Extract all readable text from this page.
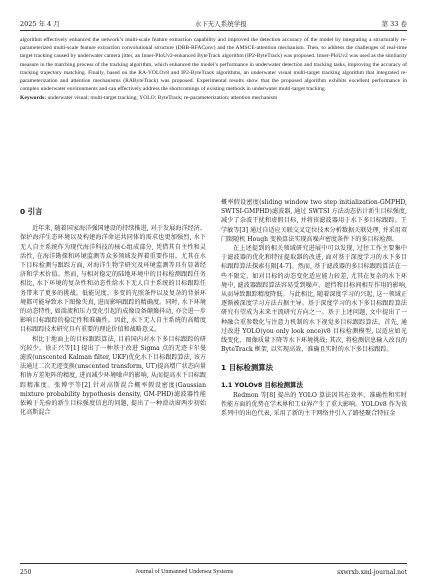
2025 年 4 月	水下无人系统学报	第 33 卷

algorithm effectively enhanced the network’s multi-scale feature extraction capability and improved the detection accuracy of the model by integrating a structurally re-parameterized multi-scale feature extraction convolutional structure (DBB-RFAConv) and the AMSCE-attention mechanism. Then, to address the challenges of real-time target tracking caused by underwater camera jitter, an Inner-PIoUv2-enhanced ByteTrack algorithm (IP2-ByteTrack) was proposed. Inner-PIoUv2 was used as the similarity measure in the matching process of the tracking algorithm, which enhanced the model’s performance in underwater detection and tracking tasks, improving the accuracy of tracking trajectory matching. Finally, based on the RA-YOLOv8 and IP2-ByteTrack algorithms, an underwater visual multi-target tracking algorithm that integrated re-parameterization and attention mechanisms (RAByteTrack) was proposed. Experimental results show that the proposed algorithm exhibits excellent performance in complex underwater environments and can effectively address the shortcomings of existing methods in underwater multi-target tracking.

Keywords: underwater visual; multi-target tracking; YOLO; ByteTrack; re-parameterization; attention mechanism

0 引言

近年来, 随着国家海洋强国建设的持续推进, 对于发展海洋经济、保护海洋生态环境以及构建海洋命运共同体的需求也更加强烈, 水下无人自主系统作为现代海洋科技的核心组成部分, 凭借其自主性和灵活性, 在海洋勘探和环境监测等众多领域发挥着重要作用。尤其在水下目标检测与跟踪方面, 对海洋生物学研究及环境监测等具有显著经济和学术价值。然而, 与相对稳定的陆地环境中的目标检测跟踪任务相比, 水下环境的复杂性和动态性给水下无人自主系统的目标跟踪任务带来了更多的挑战。低能见度、多变的光照条件以及复杂的背景环境都可能导致水下图像失真, 进而影响跟踪的精确度。同时, 水下环境的动态特性, 如湍流和压力变化引起的成像设备颠簸抖动, 亦会进一步影响目标跟踪的稳定性和准确性。因此, 水下无人自主系统的高精度目标跟踪技术研究具有重要的理论价值和战略意义。

相比于地面上的目标跟踪算法, 目前国内对水下多目标跟踪的研究较少。徐正兴等[1] 提出了一种基于改进 Sigma 点的无迹卡尔曼滤波(unscented Kalman filter, UKF)优化水下目标跟踪算法, 该方法通过二次无迹变换(unscented transform, UT)提高增广状态向量和协方差矩阵的精度, 进而减少环境噪声的影响, 从而提高水下目标跟踪精准度。张博宇等[2] 针对高斯混合概率假设密度(Gaussian mixture probability hypothesis density, GM-PHD)滤波器性能依赖于先验的新生目标强度信息的问题, 提出了一种滑动窗两步初始化高斯混合

概率假设密度(sliding window two step initialization-GMPHD, SWTSI-GMPHD)滤波器, 通过 SWTSI 方法动态估计新生目标强度, 减少了杂波干扰和虚假目标, 并将该滤波器用于水下多目标跟踪。王学敏等[3] 通过自适应关联交叉定位技术分析数据关联处理, 并采用双门限随机 Hough 变换算法实现高噪声密度条件下的多目标检测。

在上述提到的相关领域研究进展中可以发现, 过往工作主要集中于滤波器的优化和特征提取器的改进, 面对基于深度学习的水下多目标跟踪算法探索有限[4-7]。然而, 基于滤波器的多目标跟踪算法在一些不限定、如对目标的动态变化适应能力较差, 尤其在复杂的水下环境中, 滤波器跟踪算法容易受到噪声、遮挡和目标间相互作用的影响, 从而导致跟踪精度降低。与此相比, 随着深度学习的兴起, 这一领域正逐渐被深度学习方法占据主导。基于深度学习的水下多目标跟踪算法研究有望成为未来主流研究方向之一。基于上述问题, 文中提出了一种融合重参数化与注意力机制的水下视觉多目标跟踪算法。首先, 通过改进 YOLO(you only look once)v8 目标检测模型, 以适应如光线变化、图像质量下降等水下环境挑战; 其次, 将检测信息输入改良的 ByteTrack 框架, 以实现高效、准确且实时的水下多目标跟踪。

1 目标检测算法
1.1 YOLOv8 目标检测算法

Redmon 等[8] 提出的 YOLO 算法因其在效率、准确性和实时性能方面的优势在学术界和工业界产生了重大影响。YOLOv8 作为该系列中的出色代表, 采用了新的主干网络并引入了路径聚合特征金

250	Journal of Unmanned Undersea Systems	sxwrxb.xml-journal.net
